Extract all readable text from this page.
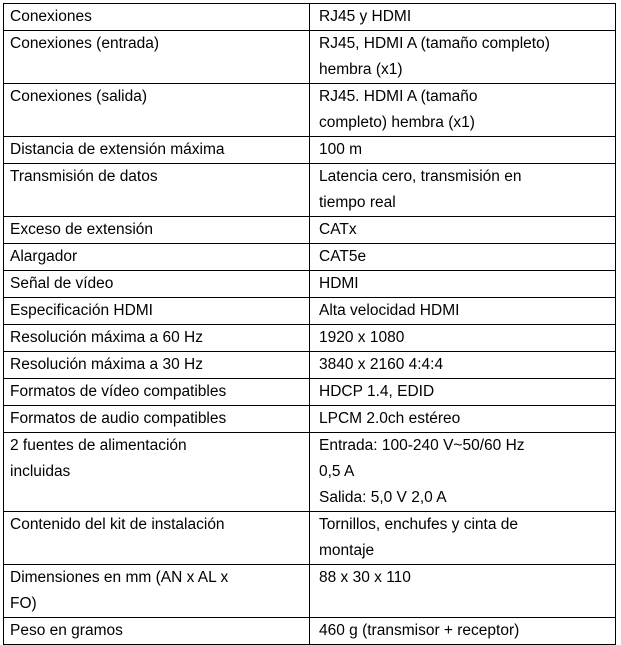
Conexiones	RJ45 y HDMI
Conexiones (entrada)	RJ45, HDMI A (tamaño completo)
hembra (x1)
Conexiones (salida)	RJ45. HDMI A (tamaño
completo) hembra (x1)
Distancia de extensión máxima	100 m
Transmisión de datos	Latencia cero, transmisión en
tiempo real
Exceso de extensión	CATx
Alargador	CAT5e
Señal de vídeo	HDMI
Especificación HDMI	Alta velocidad HDMI
Resolución máxima a 60 Hz	1920 x 1080
Resolución máxima a 30 Hz	3840 x 2160 4:4:4
Formatos de vídeo compatibles	HDCP 1.4, EDID
Formatos de audio compatibles	LPCM 2.0ch estéreo
2 fuentes de alimentación
incluidas	Entrada: 100-240 V~50/60 Hz
0,5 A
Salida: 5,0 V 2,0 A
Contenido del kit de instalación	Tornillos, enchufes y cinta de
montaje
Dimensiones en mm (AN x AL x
FO)	88 x 30 x 110
Peso en gramos	460 g (transmisor + receptor)
